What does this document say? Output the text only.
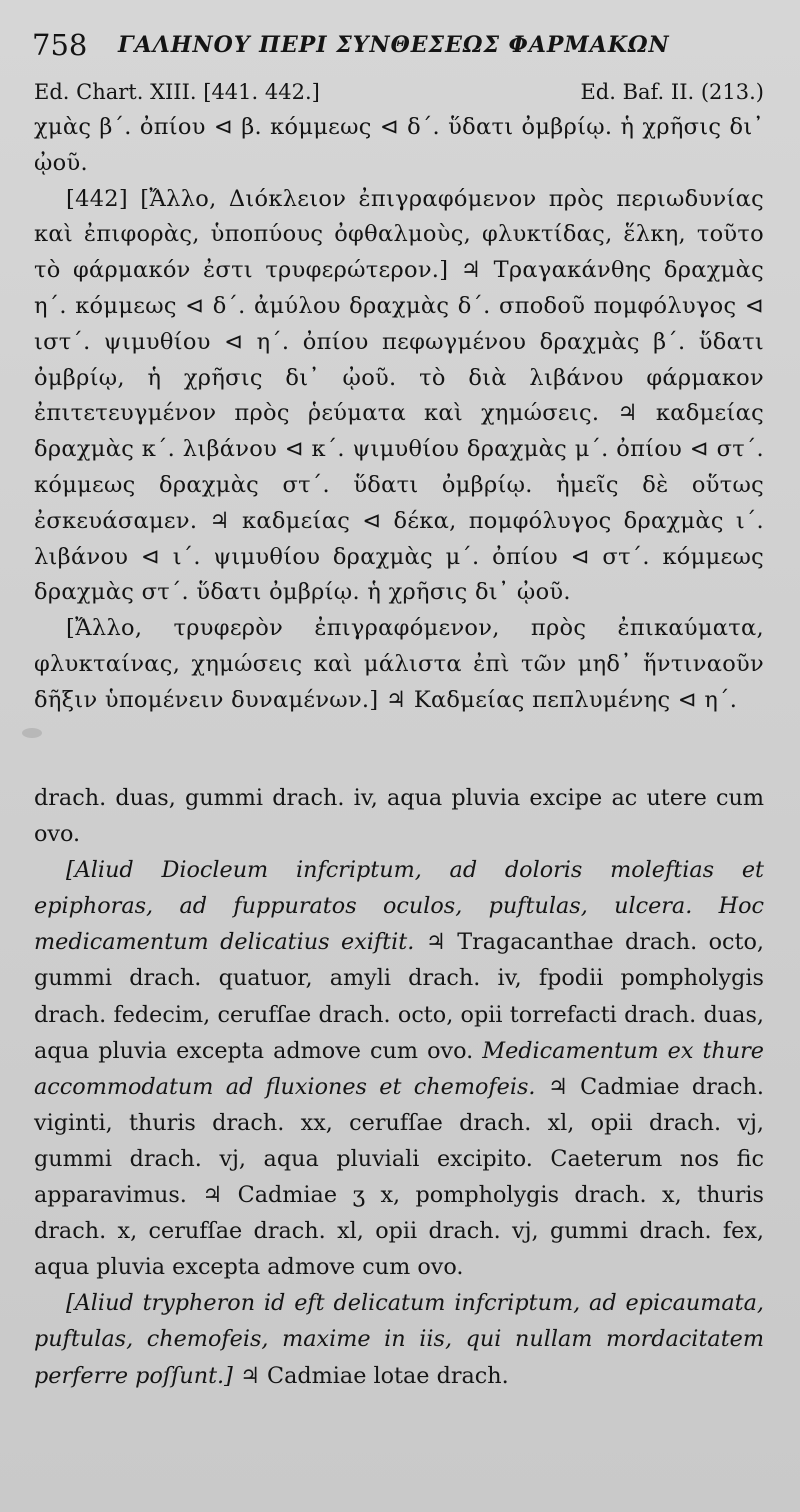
758 ΓΑΛΗΝΟΥ ΠΕΡΙ ΣΥΝΘΕΣΕΩΣ ΦΑΡΜΑΚΩΝ
Ed. Chart. XIII. [441. 442.]	Ed. Baf. II. (213.)

χμὰς β΄. ὀπίου ⊲ β. κόμμεως ⊲ δ΄. ὕδατι ὀμβρίῳ. ἡ χρῆσις δι᾽ ᾠοῦ.

[442] [Ἄλλο, Διόκλειον ἐπιγραφόμενον πρὸς περιωδυνίας καὶ ἐπιφορὰς, ὑποπύους ὀφθαλμοὺς, φλυκτίδας, ἕλκη, τοῦτο τὸ φάρμακόν ἐστι τρυφερώτερον.] ♃ Τραγακάνθης δραχμὰς η΄. κόμμεως ⊲ δ΄. ἀμύλου δραχμὰς δ΄. σποδοῦ πομφόλυγος ⊲ ιστ΄. ψιμυθίου ⊲ η΄. ὀπίου πεφωγμένου δραχμὰς β΄. ὕδατι ὀμβρίῳ, ἡ χρῆσις δι᾽ ᾠοῦ. τὸ διὰ λιβάνου φάρμακον ἐπιτετευγμένον πρὸς ῥεύματα καὶ χημώσεις. ♃ καδμείας δραχμὰς κ΄. λιβάνου ⊲ κ΄. ψιμυθίου δραχμὰς μ΄. ὀπίου ⊲ στ΄. κόμμεως δραχμὰς στ΄. ὕδατι ὀμβρίῳ. ἡμεῖς δὲ οὕτως ἐσκευάσαμεν. ♃ καδμείας ⊲ δέκα, πομφόλυγος δραχμὰς ι΄. λιβάνου ⊲ ι΄. ψιμυθίου δραχμὰς μ΄. ὀπίου ⊲ στ΄. κόμμεως δραχμὰς στ΄. ὕδατι ὀμβρίῳ. ἡ χρῆσις δι᾽ ᾠοῦ.

[Ἄλλο, τρυφερὸν ἐπιγραφόμενον, πρὸς ἐπικαύματα, φλυκταίνας, χημώσεις καὶ μάλιστα ἐπὶ τῶν μηδ᾽ ἥντιναοῦν δῆξιν ὑπομένειν δυναμένων.] ♃ Καδμείας πεπλυμένης ⊲ η΄.

drach. duas, gummi drach. iv, aqua pluvia excipe ac utere cum ovo.

[Aliud Diocleum infcriptum, ad doloris moleftias et epiphoras, ad fuppuratos oculos, puftulas, ulcera. Hoc medicamentum delicatius exiftit. ♃ Tragacanthae drach. octo, gummi drach. quatuor, amyli drach. iv, fpodii pompholygis drach. fedecim, cerufſae drach. octo, opii torrefacti drach. duas, aqua pluvia excepta admove cum ovo. Medicamentum ex thure accommodatum ad fluxiones et chemofeis. ♃ Cadmiae drach. viginti, thuris drach. xx, cerufſae drach. xl, opii drach. vj, gummi drach. vj, aqua pluviali excipito. Caeterum nos fic apparavimus. ♃ Cadmiae ʒ x, pompholygis drach. x, thuris drach. x, cerufſae drach. xl, opii drach. vj, gummi drach. fex, aqua pluvia excepta admove cum ovo.

[Aliud trypheron id eft delicatum infcriptum, ad epicaumata, puftulas, chemofeis, maxime in iis, qui nullam mordacitatem perferre poſſunt.] ♃ Cadmiae lotae drach.
